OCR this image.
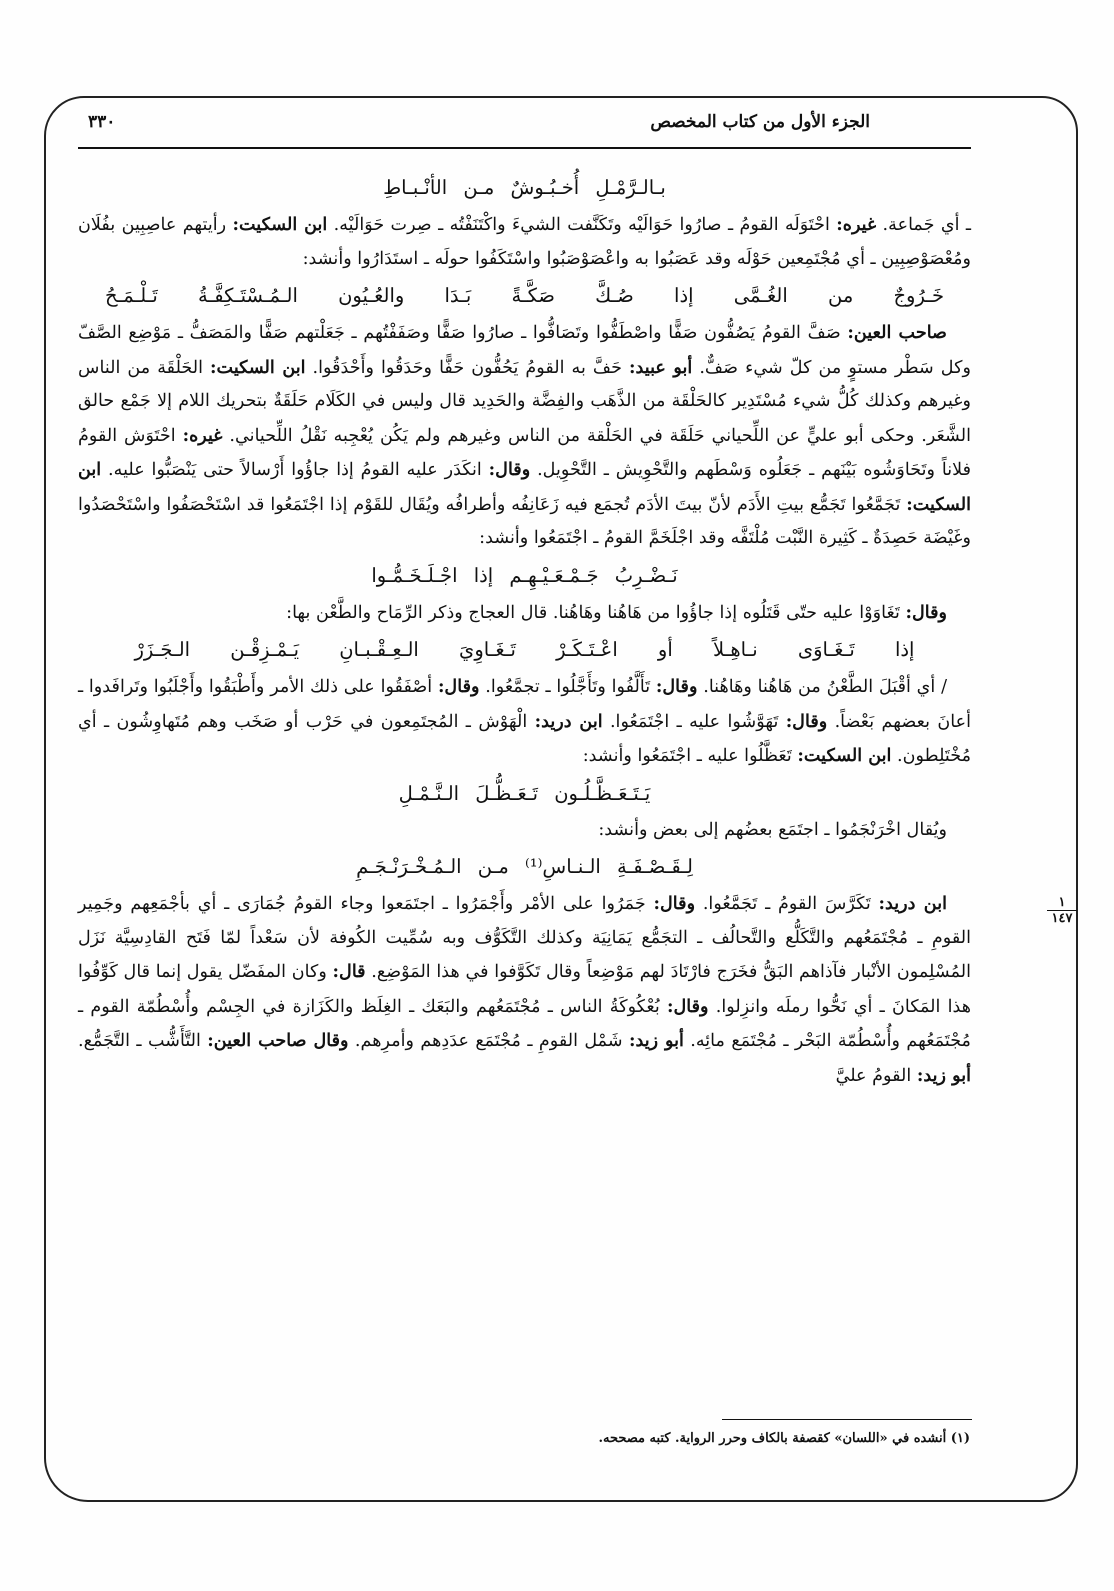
الجزء الأول من كتاب المخصص
٣٣٠
بـالـرَّمْـلِ أُخـبُـوشٌ مـن الأنْـبـاطِ

ـ أي جَماعة. غيره: احْتَوَلَه القومُ ـ صارُوا حَوَالَيْه وتَكَنَّفت الشيءَ واكْتَنَفْتُه ـ صِرت حَوَالَيْه. ابن السكيت: رأيتهم عاصِبِين بفُلَان ومُعْصَوْصِبِين ـ أي مُجْتَمِعين حَوْلَه وقد عَصَبُوا به واعْصَوْصَبُوا واسْتَكَفُوا حولَه ـ استَدَارُوا وأنشد:

خَـرُوجٌ من الغُـمَّى إذا صُـكَّ صَكَّـةً بَـدَا والعُـيُون الـمُـسْتَـكِفَّـةُ تَـلْـمَـحُ

صاحب العين: صَفَّ القومُ يَصُفُّون صَفًّا واصْطَفُّوا وتَصَافُّوا ـ صارُوا صَفًّا وصَفَفْتُهم ـ جَعَلْتهم صَفًّا والمَصَفُّ ـ مَوْضِع الصَّفّ وكل سَطْر مستوٍ من كلّ شيء صَفٌّ. أبو عبيد: حَفَّ به القومُ يَحُفُّون حَفًّا وحَدَقُوا وأَحْدَقُوا. ابن السكيت: الحَلْقَة من الناس وغيرهم وكذلك كُلُّ شيء مُسْتَدِير كالحَلْقَة من الذَّهَب والفِضَّة والحَدِيد قال وليس في الكَلَام حَلَقَةٌ بتحريك اللام إلا جَمْع حالق الشَّعَر. وحكى أبو عليٍّ عن اللِّحياني حَلَقَة في الحَلْقة من الناس وغيرهم ولم يَكُن يُعْجِبه نَقْلُ اللِّحياني. غيره: احْتَوَش القومُ فلاناً وتَحَاوَشُوه بَيْنَهم ـ جَعَلُوه وَسْطَهم والتَّحْوِيش ـ التَّحْوِيل. وقال: انكَدَر عليه القومُ إذا جاؤُوا أَرْسالاً حتى يَنْصَبُّوا عليه. ابن السكيت: تَجَمَّعُوا تَجَمُّع بيتِ الأَدَم لأنّ بيتَ الأدَم تُجمَع فيه زَعَانِفُه وأطرافُه ويُقَال للقَوْم إذا اجْتَمَعُوا قد اسْتَحْصَفُوا واسْتَحْصَدُوا وغَيْضَة حَصِدَةٌ ـ كَثِيرة النَّبْت مُلْتَفَّه وقد اجْلَخَمَّ القومُ ـ اجْتَمَعُوا وأنشد:

نَـضْـرِبُ جَـمْـعَـيْـهِـم إذا اجْـلَـخَـمُّـوا

وقال: تَغَاوَوْا عليه حتّى قَتَلُوه إذا جاؤُوا من هَاهُنا وهَاهُنا. قال العجاج وذكر الرِّمَاح والطَّعْن بها:

إذا تَـغَـاوَى نـاهِـلاً أو اعْـتَـكَـرْ تَـغَـاوِيَ الـعِـقْـبـانِ يَـمْـزِقْـن الـجَـزَرْ

/ أي أقْبَلَ الطَّعْنُ من هَاهُنا وهَاهُنا. وقال: تَأَلَّفُوا وتَأَجَّلُوا ـ تجمَّعُوا. وقال: أصْفَقُوا على ذلك الأمر وأَطْبَقُوا وأَجْلَبُوا وتَرافَدوا ـ أعانَ بعضهم بَعْضاً. وقال: تَهَوَّشُوا عليه ـ اجْتَمَعُوا. ابن دريد: الْهَوْش ـ المُجتَمِعون في حَرْب أو صَخَب وهم مُتَهاوِشُون ـ أي مُخْتَلِطون. ابن السكيت: تَعَظَّلُوا عليه ـ اجْتَمَعُوا وأنشد:

يَـتَـعَـظَّـلُـون تَـعَـظُّـلَ الـنَّـمْـلِ

ويُقال اخْرَنْجَمُوا ـ اجتَمَع بعضُهم إلى بعض وأنشد:

لِـقَـصْـفَـةِ الـنـاسِ⁽¹⁾ مـن الـمُـخْـرَنْـجَـمِ

ابن دريد: تَكَرَّسَ القومُ ـ تَجَمَّعُوا. وقال: جَمَرُوا على الأمْر وأَجْمَرُوا ـ اجتَمَعوا وجاء القومُ جُمَارَى ـ أي بأجْمَعِهم وجَمِير القومِ ـ مُجْتَمَعُهم والتَّكَلُّع والتَّحالُف ـ التجَمُّع يَمَانِيَة وكذلك التَّكَوُّف وبه سُمِّيت الكُوفة لأن سَعْداً لمّا فَتَح القادِسِيَّة نَزَل المُسْلِمون الأنْبار فآذاهم البَقُّ فخَرَج فارْتَادَ لهم مَوْضِعاً وقال تَكَوَّفوا في هذا المَوْضِع. قال: وكان المفَضّل يقول إنما قال كَوِّفُوا هذا المَكانَ ـ أي نَحُّوا رملَه وانزِلوا. وقال: بُعْكُوكَةُ الناس ـ مُجْتَمَعُهم والبَعَك ـ الغِلَظ والكَزَازة في الجِسْم وأُسْطُمّة القوم ـ مُجْتَمَعُهم وأُسْطُمّة البَحْر ـ مُجْتَمَع مائِه. أبو زيد: شَمْل القومِ ـ مُجْتَمَع عدَدِهم وأمرِهم. وقال صاحب العين: التَّأَشُّب ـ التَّجَمُّع. أبو زيد: القومُ عليَّ

١
١٤٧
(١) أنشده في «اللسان» كقصفة بالكاف وحرر الرواية. كتبه مصححه.
